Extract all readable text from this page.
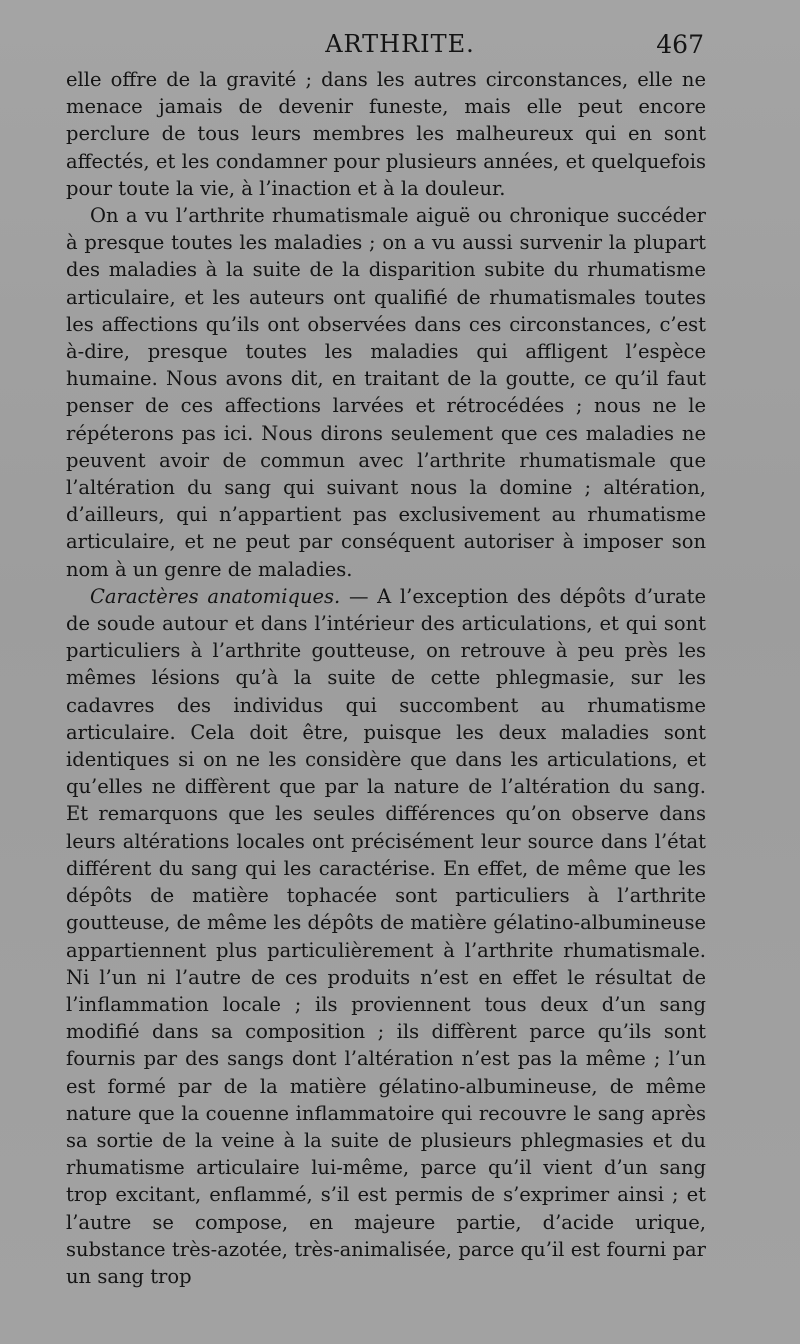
ARTHRITE.	467

elle offre de la gravité ; dans les autres circonstances, elle ne menace jamais de devenir funeste, mais elle peut encore perclure de tous leurs membres les malheureux qui en sont affectés, et les condamner pour plusieurs années, et quelquefois pour toute la vie, à l’inaction et à la douleur.

On a vu l’arthrite rhumatismale aiguë ou chronique succéder à presque toutes les maladies ; on a vu aussi survenir la plupart des maladies à la suite de la disparition subite du rhumatisme articulaire, et les auteurs ont qualifié de rhumatismales toutes les affections qu’ils ont observées dans ces circonstances, c’est à-dire, presque toutes les maladies qui affligent l’espèce humaine. Nous avons dit, en traitant de la goutte, ce qu’il faut penser de ces affections larvées et rétrocédées ; nous ne le répéterons pas ici. Nous dirons seulement que ces maladies ne peuvent avoir de commun avec l’arthrite rhumatismale que l’altération du sang qui suivant nous la domine ; altération, d’ailleurs, qui n’appartient pas exclusivement au rhumatisme articulaire, et ne peut par conséquent autoriser à imposer son nom à un genre de maladies.

Caractères anatomiques. — A l’exception des dépôts d’urate de soude autour et dans l’intérieur des articulations, et qui sont particuliers à l’arthrite goutteuse, on retrouve à peu près les mêmes lésions qu’à la suite de cette phlegmasie, sur les cadavres des individus qui succombent au rhumatisme articulaire. Cela doit être, puisque les deux maladies sont identiques si on ne les considère que dans les articulations, et qu’elles ne diffèrent que par la nature de l’altération du sang. Et remarquons que les seules différences qu’on observe dans leurs altérations locales ont précisément leur source dans l’état différent du sang qui les caractérise. En effet, de même que les dépôts de matière tophacée sont particuliers à l’arthrite goutteuse, de même les dépôts de matière gélatino-albumineuse appartiennent plus particulièrement à l’arthrite rhumatismale. Ni l’un ni l’autre de ces produits n’est en effet le résultat de l’inflammation locale ; ils proviennent tous deux d’un sang modifié dans sa composition ; ils diffèrent parce qu’ils sont fournis par des sangs dont l’altération n’est pas la même ; l’un est formé par de la matière gélatino-albumineuse, de même nature que la couenne inflammatoire qui recouvre le sang après sa sortie de la veine à la suite de plusieurs phlegmasies et du rhumatisme articulaire lui-même, parce qu’il vient d’un sang trop excitant, enflammé, s’il est permis de s’exprimer ainsi ; et l’autre se compose, en majeure partie, d’acide urique, substance très-azotée, très-animalisée, parce qu’il est fourni par un sang trop
